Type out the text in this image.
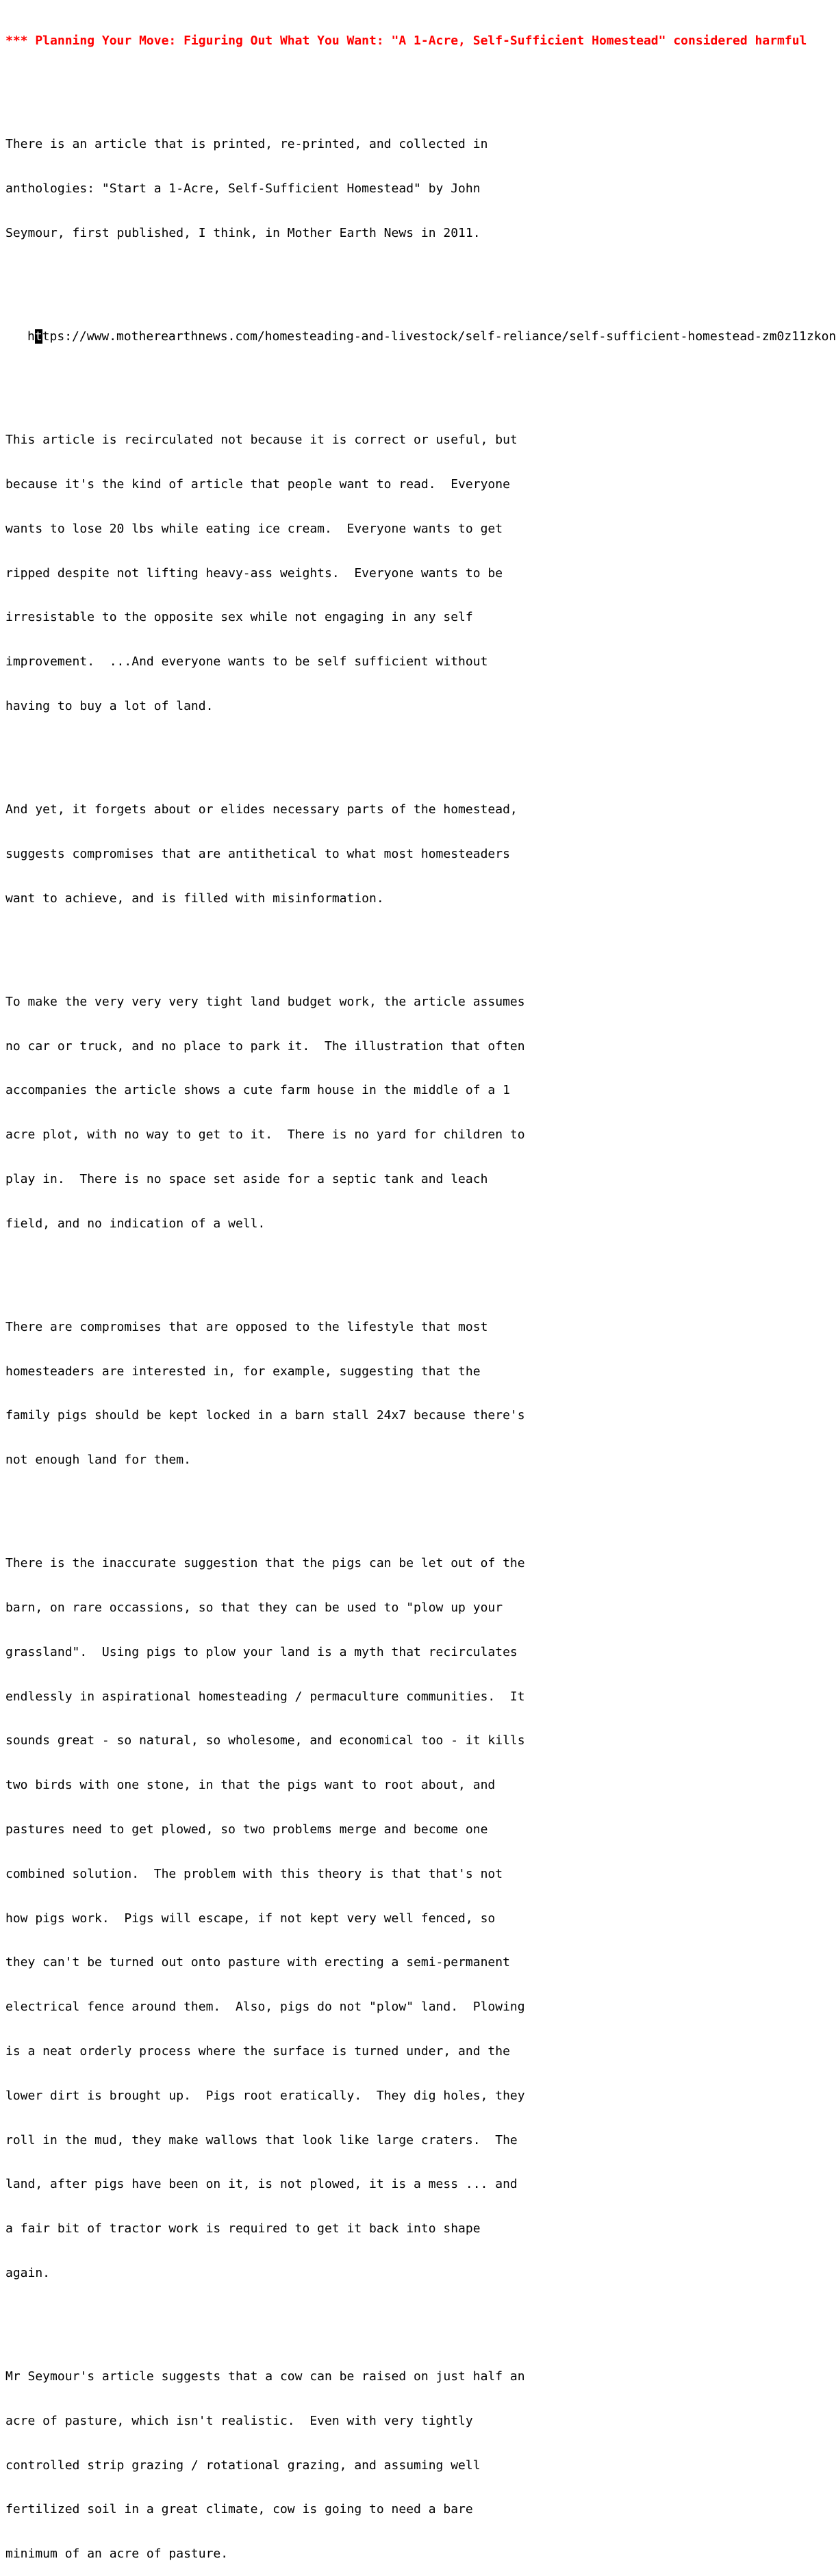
*** Planning Your Move: Figuring Out What You Want: "A 1-Acre, Self-Sufficient Homestead" considered harmful

There is an article that is printed, re-printed, and collected in

anthologies: "Start a 1-Acre, Self-Sufficient Homestead" by John

Seymour, first published, I think, in Mother Earth News in 2011.

https://www.motherearthnews.com/homesteading-and-livestock/self-reliance/self-sufficient-homestead-zm0z11zkon

This article is recirculated not because it is correct or useful, but

because it's the kind of article that people want to read.  Everyone

wants to lose 20 lbs while eating ice cream.  Everyone wants to get

ripped despite not lifting heavy-ass weights.  Everyone wants to be

irresistable to the opposite sex while not engaging in any self

improvement.  ...And everyone wants to be self sufficient without

having to buy a lot of land.

And yet, it forgets about or elides necessary parts of the homestead,

suggests compromises that are antithetical to what most homesteaders

want to achieve, and is filled with misinformation.

To make the very very very tight land budget work, the article assumes

no car or truck, and no place to park it.  The illustration that often

accompanies the article shows a cute farm house in the middle of a 1

acre plot, with no way to get to it.  There is no yard for children to

play in.  There is no space set aside for a septic tank and leach

field, and no indication of a well.

There are compromises that are opposed to the lifestyle that most

homesteaders are interested in, for example, suggesting that the

family pigs should be kept locked in a barn stall 24x7 because there's

not enough land for them.

There is the inaccurate suggestion that the pigs can be let out of the

barn, on rare occassions, so that they can be used to "plow up your

grassland".  Using pigs to plow your land is a myth that recirculates

endlessly in aspirational homesteading / permaculture communities.  It

sounds great - so natural, so wholesome, and economical too - it kills

two birds with one stone, in that the pigs want to root about, and

pastures need to get plowed, so two problems merge and become one

combined solution.  The problem with this theory is that that's not

how pigs work.  Pigs will escape, if not kept very well fenced, so

they can't be turned out onto pasture with erecting a semi-permanent

electrical fence around them.  Also, pigs do not "plow" land.  Plowing

is a neat orderly process where the surface is turned under, and the

lower dirt is brought up.  Pigs root eratically.  They dig holes, they

roll in the mud, they make wallows that look like large craters.  The

land, after pigs have been on it, is not plowed, it is a mess ... and

a fair bit of tractor work is required to get it back into shape

again.

Mr Seymour's article suggests that a cow can be raised on just half an

acre of pasture, which isn't realistic.  Even with very tightly

controlled strip grazing / rotational grazing, and assuming well

fertilized soil in a great climate, cow is going to need a bare

minimum of an acre of pasture.
